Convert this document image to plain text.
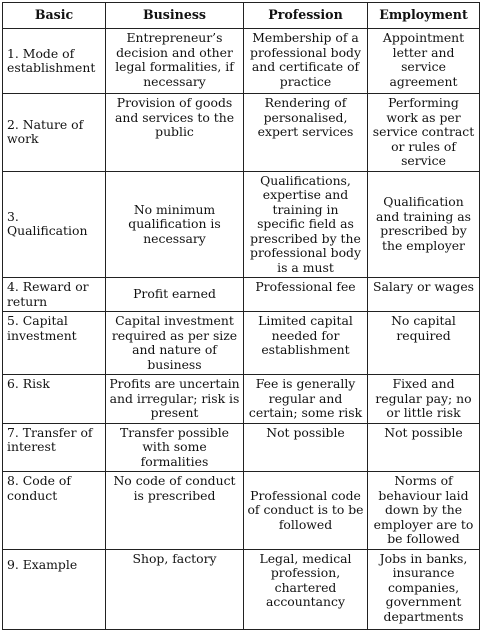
Basic	Business	Profession	Employment
1. Mode of establishment	Entrepreneur’s decision and other legal formalities, if necessary	Membership of a professional body and certificate of practice	Appointment letter and service agreement
2. Nature of work	Provision of goods and services to the public	Rendering of personalised, expert services	Performing work as per service contract or rules of service
3. Qualification	No minimum qualification is necessary	Qualifications, expertise and training in specific field as prescribed by the professional body is a must	Qualification and training as prescribed by the employer
4. Reward or return	Profit earned	Professional fee	Salary or wages
5. Capital investment	Capital investment required as per size and nature of business	Limited capital needed for establishment	No capital required
6. Risk	Profits are uncertain and irregular; risk is present	Fee is generally regular and certain; some risk	Fixed and regular pay; no or little risk
7. Transfer of interest	Transfer possible with some formalities	Not possible	Not possible
8. Code of conduct	No code of conduct is prescribed	Professional code of conduct is to be followed	Norms of behaviour laid down by the employer are to be followed
9. Example	Shop, factory	Legal, medical profession, chartered accountancy	Jobs in banks, insurance companies, government departments
